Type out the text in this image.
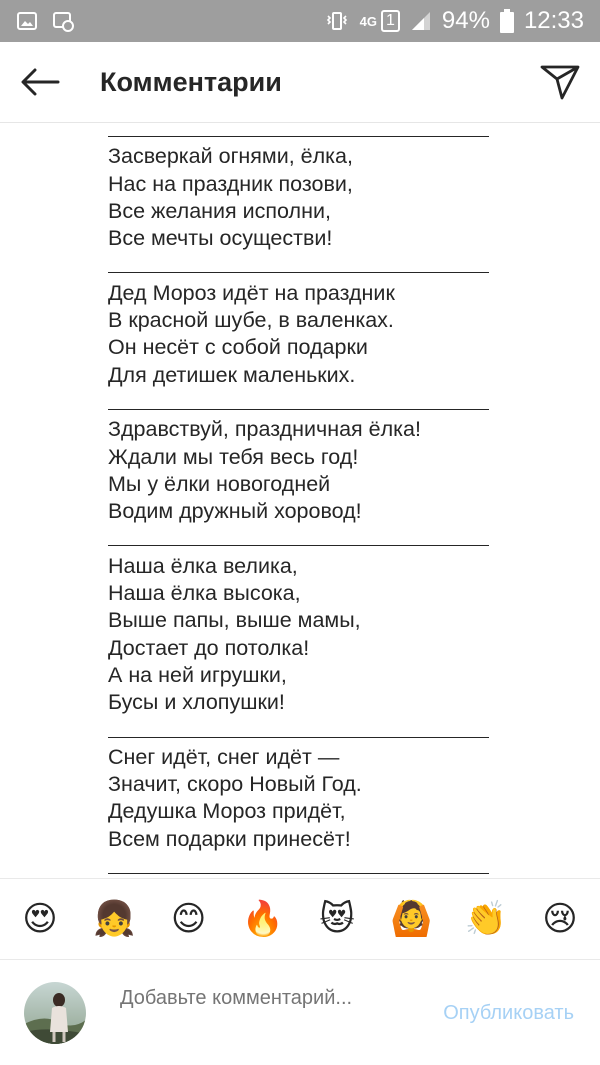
4G 1 94% 12:33
Комментарии
Засверкай огнями, ёлка,
Нас на праздник позови,
Все желания исполни,
Все мечты осуществи!
Дед Мороз идёт на праздник
В красной шубе, в валенках.
Он несёт с собой подарки
Для детишек маленьких.
Здравствуй, праздничная ёлка!
Ждали мы тебя весь год!
Мы у ёлки новогодней
Водим дружный хоровод!
Наша ёлка велика,
Наша ёлка высока,
Выше папы, выше мамы,
Достает до потолка!
А на ней игрушки,
Бусы и хлопушки!
Снег идёт, снег идёт —
Значит, скоро Новый Год.
Дедушка Мороз придёт,
Всем подарки принесёт!
😍 👧 😊 🔥 😻 🙆 👏 😢
Добавьте комментарий...
Опубликовать
